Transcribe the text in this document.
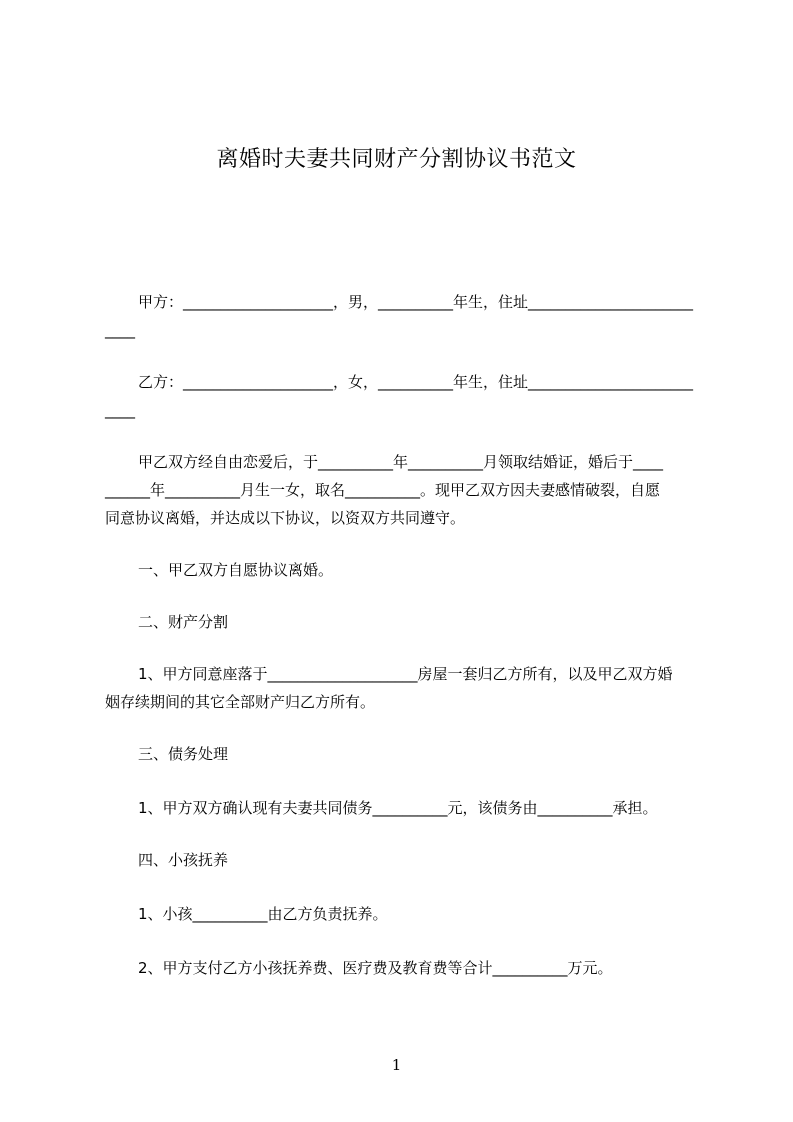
离婚时夫妻共同财产分割协议书范文
甲方：____________________，男，__________年生，住址______________________
____
乙方：____________________，女，__________年生，住址______________________
____
甲乙双方经自由恋爱后，于__________年__________月领取结婚证，婚后于____
______年__________月生一女，取名__________。现甲乙双方因夫妻感情破裂，自愿
同意协议离婚，并达成以下协议，以资双方共同遵守。
一、甲乙双方自愿协议离婚。
二、财产分割
1、甲方同意座落于____________________房屋一套归乙方所有，以及甲乙双方婚
姻存续期间的其它全部财产归乙方所有。
三、债务处理
1、甲方双方确认现有夫妻共同债务__________元，该债务由__________承担。
四、小孩抚养
1、小孩__________由乙方负责抚养。
2、甲方支付乙方小孩抚养费、医疗费及教育费等合计__________万元。
1
